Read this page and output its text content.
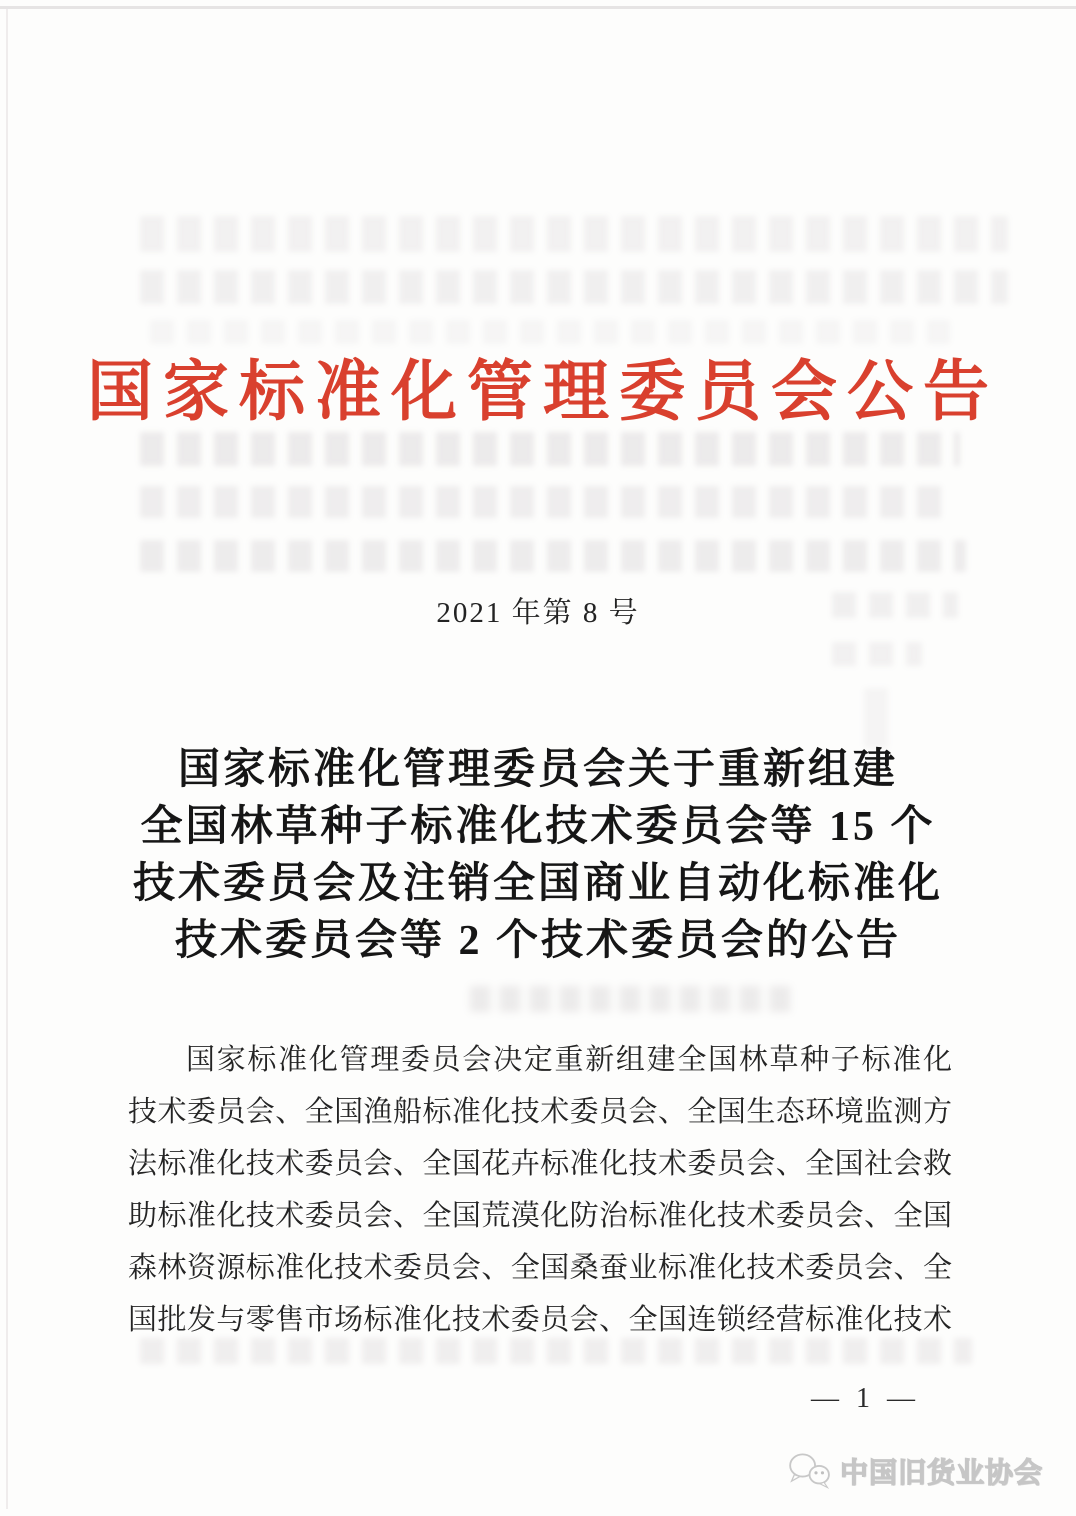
国家标准化管理委员会公告
2021 年第 8 号
国家标准化管理委员会关于重新组建
全国林草种子标准化技术委员会等 15 个
技术委员会及注销全国商业自动化标准化
技术委员会等 2 个技术委员会的公告
国家标准化管理委员会决定重新组建全国林草种子标准化
技术委员会、全国渔船标准化技术委员会、全国生态环境监测方
法标准化技术委员会、全国花卉标准化技术委员会、全国社会救
助标准化技术委员会、全国荒漠化防治标准化技术委员会、全国
森林资源标准化技术委员会、全国桑蚕业标准化技术委员会、全
国批发与零售市场标准化技术委员会、全国连锁经营标准化技术
— 1 —
中国旧货业协会
